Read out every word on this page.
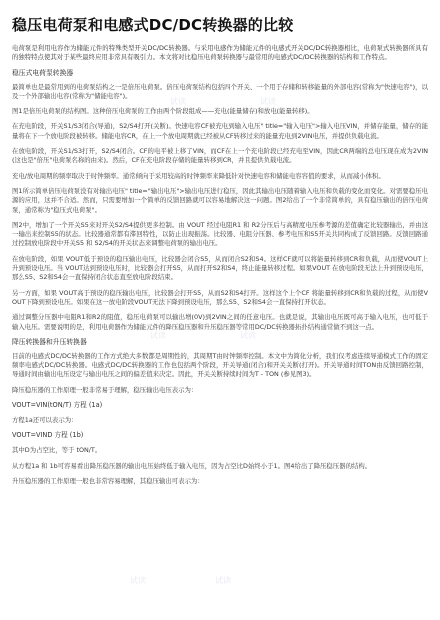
稳压电荷泵和电感式DC/DC转换器的比较
电荷泵是利用电容作为储能元件的特殊类型开关DC/DC转换器。与采用电感作为储能元件的电感式开关DC/DC转换器相比，电荷泵式转换器所具有的独特特点使其对于某些最终应用非常具有吸引力。本文将对比稳压电荷泵转换器与最常用的电感式DC/DC转换器的结构和工作特点。
稳压式电荷泵转换器
最简单也是最常用到的电荷泵结构之一是倍压电荷泵。倍压电荷泵结构包括四个开关、一个用于存储和转移能量的外部电容(常称为"快速电容")，以及一个外部输出电容(常称为"储能电容")。
图1是倍压电荷泵的结构图。这种倍压电荷泵的工作由两个阶段组成——充电(能量储存)和放电(能量转移)。
在充电阶段，开关S1/S3闭合(导通)，S2/S4打开(关断)。快速电容CF被充电到输入电压" title="输入电压">输入电压VIN，并储存能量，储存的能量将在下一个放电阶段被转移。储能电容CR，在上一个放电周期就已经被从CF转移过来的能量充电到2VIN电压，并提供负载电流。
在放电阶段，开关S1/S3打开，S2/S4闭合。CF的电平被上移了VIN，而CF在上一个充电阶段已经充电至VIN，因此CR两端的总电压现在成为2VIN(这也是"倍压"电荷泵名称的由来)。然后，CF在充电阶段存储的能量转移到CR，并且提供负载电流。
充电/放电周期的频率取决于时钟频率。通常倾向于采用较高的时钟频率来降低针对快速电容和储能电容容值的要求，从而减小体积。
图1所示简单倍压电荷泵没有对输出电压" title="输出电压">输出电压进行稳压，因此其输出电压随着输入电压和负载的变化而变化。对需要稳压电源的应用，这并不合适。然而，只需要增加一个简单的反馈回路就可以容易地解决这一问题。图2给出了一个非常简单的，具有稳压输出的倍压电荷泵，通常称为"稳压式电荷泵"。
图2中，增加了一个开关S5来对开关S2/S4提供更多控制。由 VOUT 经过电阻R1 和 R2分压后与高精度电压参考源的差值确定比较器输出，并由这一输出来控制S5的状态。比较器通常都有滞回特性，以防止出现振荡。比较器、电阻分压器、参考电压和S5开关共同构成了反馈回路。反馈回路通过控制放电阶段中开关S5 和 S2/S4的开关状态来调整电荷泵的输出电压。
在放电阶段，如果 VOUT低于预设的稳压输出电压，比较器会闭合S5，从而闭合S2和S4。这样CF就可以将能量转移到CR和负载，从而使VOUT上升到预设电压。当 VOUT达到预设电压时，比较器会打开S5，从而打开S2和S4，终止能量转移过程。如果VOUT 在放电阶段无法上升到预设电压，那么S5、S2和S4会一直保持闭合状态直至放电阶段结束。
另一方面，如果 VOUT高于预设的稳压输出电压，比较器会打开S5，从而S2和S4打开。这样这个上个CF 将能量转移到CR和负载的过程，从而使VOUT下降到预设电压。如果在这一放电阶段VOUT无法下降到预设电压，那么S5、S2和S4会一直保持打开状态。
通过调整分压器中电阻R1和R2的阻值，稳压电荷泵可以输出增(0V)到2VIN之间的任意电压。也就是说，其输出电压既可高于输入电压，也可低于输入电压。需要说明的是，利用电荷器作为储能元件的降压稳压器和升压稳压器等常用DC/DC转换器拓扑结构通常做不到这一点。
降压转换器和升压转换器
目前的电感式DC/DC转换器的工作方式绝大多数都是周期性的，其周期T由时钟频率控制。本文中为简化分析，我们仅考虑连续导通模式工作的固定频率电感式DC/DC转换器。电感式DC/DC转换器的工作也包括两个阶段，开关导通(闭合)和开关关断(打开)。开关导通时间TON由反馈回路控制，导通时间由输出电压设定与输出电压之间的偏差值来决定。因此，开关关断持续时间为T - TON (参见图3)。
降压稳压器的工作原理一般非常易于理解，稳压输出电压表示为：
VOUT=VIN(tON/T) 方程 (1a)
方程1a还可以表示为：
VOUT=VIND 方程 (1b)
其中D为占空比，等于 tON/T。
从方程1a 和 1b可容易看出降压稳压器的输出电压始终低于输入电压，因为占空比D始终小于1。图4给出了降压稳压器的结构。
升压稳压器的工作原理一般也非常容易理解，其稳压输出可表示为：
试读	试读
试读	试读
试读	试读
